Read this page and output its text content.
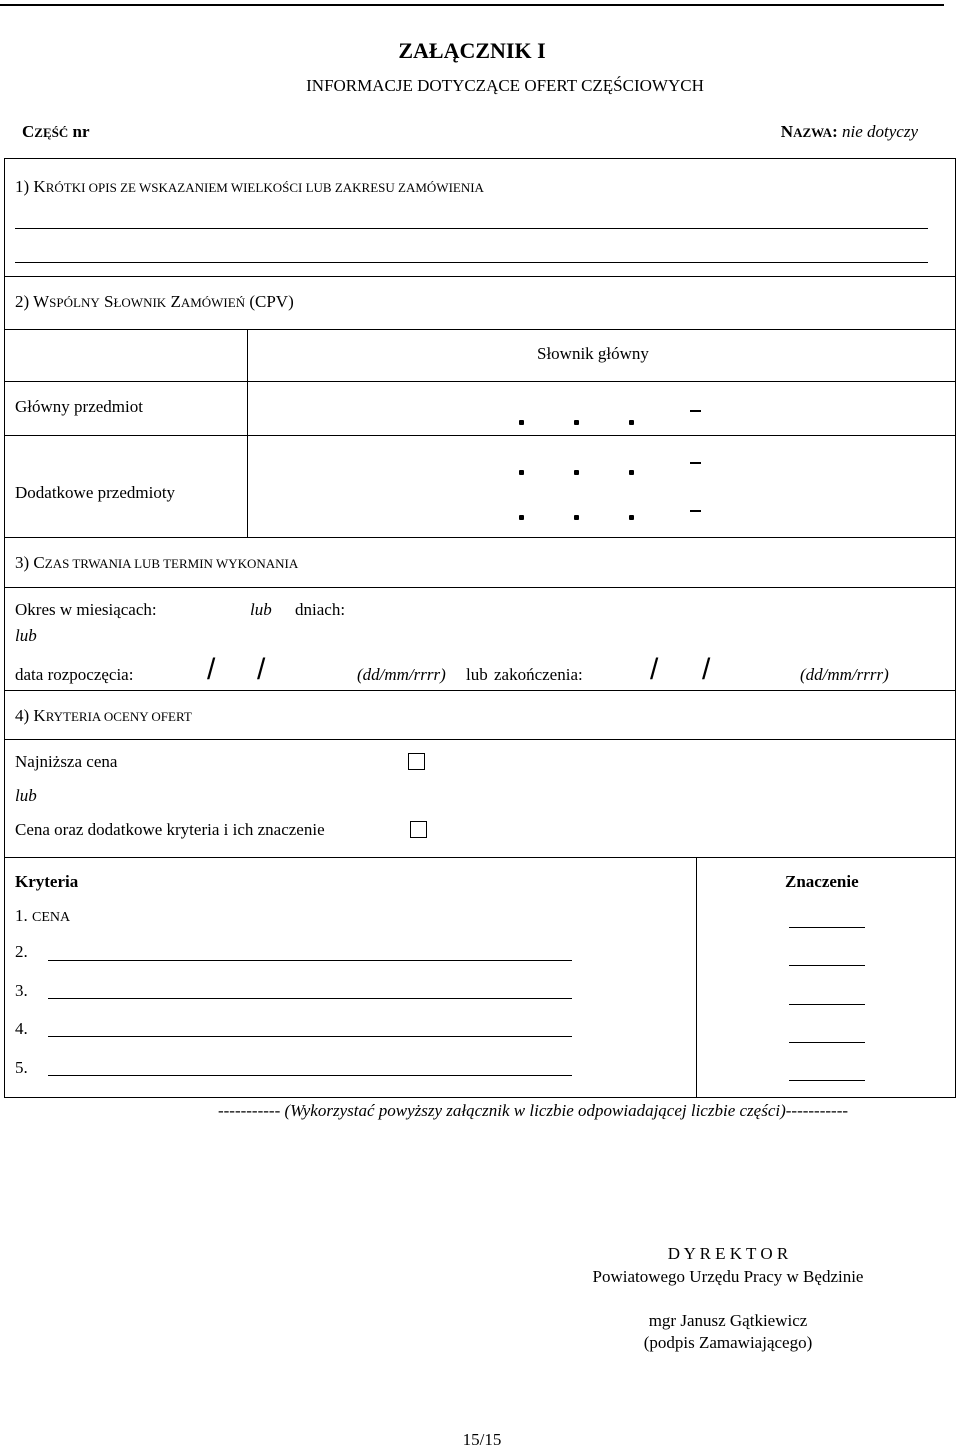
ZAŁĄCZNIK I
INFORMACJE DOTYCZĄCE OFERT CZĘŚCIOWYCH
CZĘŚĆ nr	NAZWA: nie dotyczy
1) KRÓTKI OPIS ZE WSKAZANIEM WIELKOŚCI LUB ZAKRESU ZAMÓWIENIA
2) WSPÓLNY SŁOWNIK ZAMÓWIEŃ (CPV)
Słownik główny
Główny przedmiot
Dodatkowe przedmioty
3) CZAS TRWANIA LUB TERMIN WYKONANIA
Okres w miesiącach:	lub dniach:
lub
data rozpoczęcia: / /	(dd/mm/rrrr) lub zakończenia: / /	(dd/mm/rrrr)
4) KRYTERIA OCENY OFERT
Najniższa cena
lub
Cena oraz dodatkowe kryteria i ich znaczenie
Kryteria	Znaczenie
1. CENA
2.
3.
4.
5.
----------- (Wykorzystać powyższy załącznik w liczbie odpowiadającej liczbie części)-----------
D Y R E K T O R
Powiatowego Urzędu Pracy w Będzinie
mgr Janusz Gątkiewicz
(podpis Zamawiającego)
15/15
